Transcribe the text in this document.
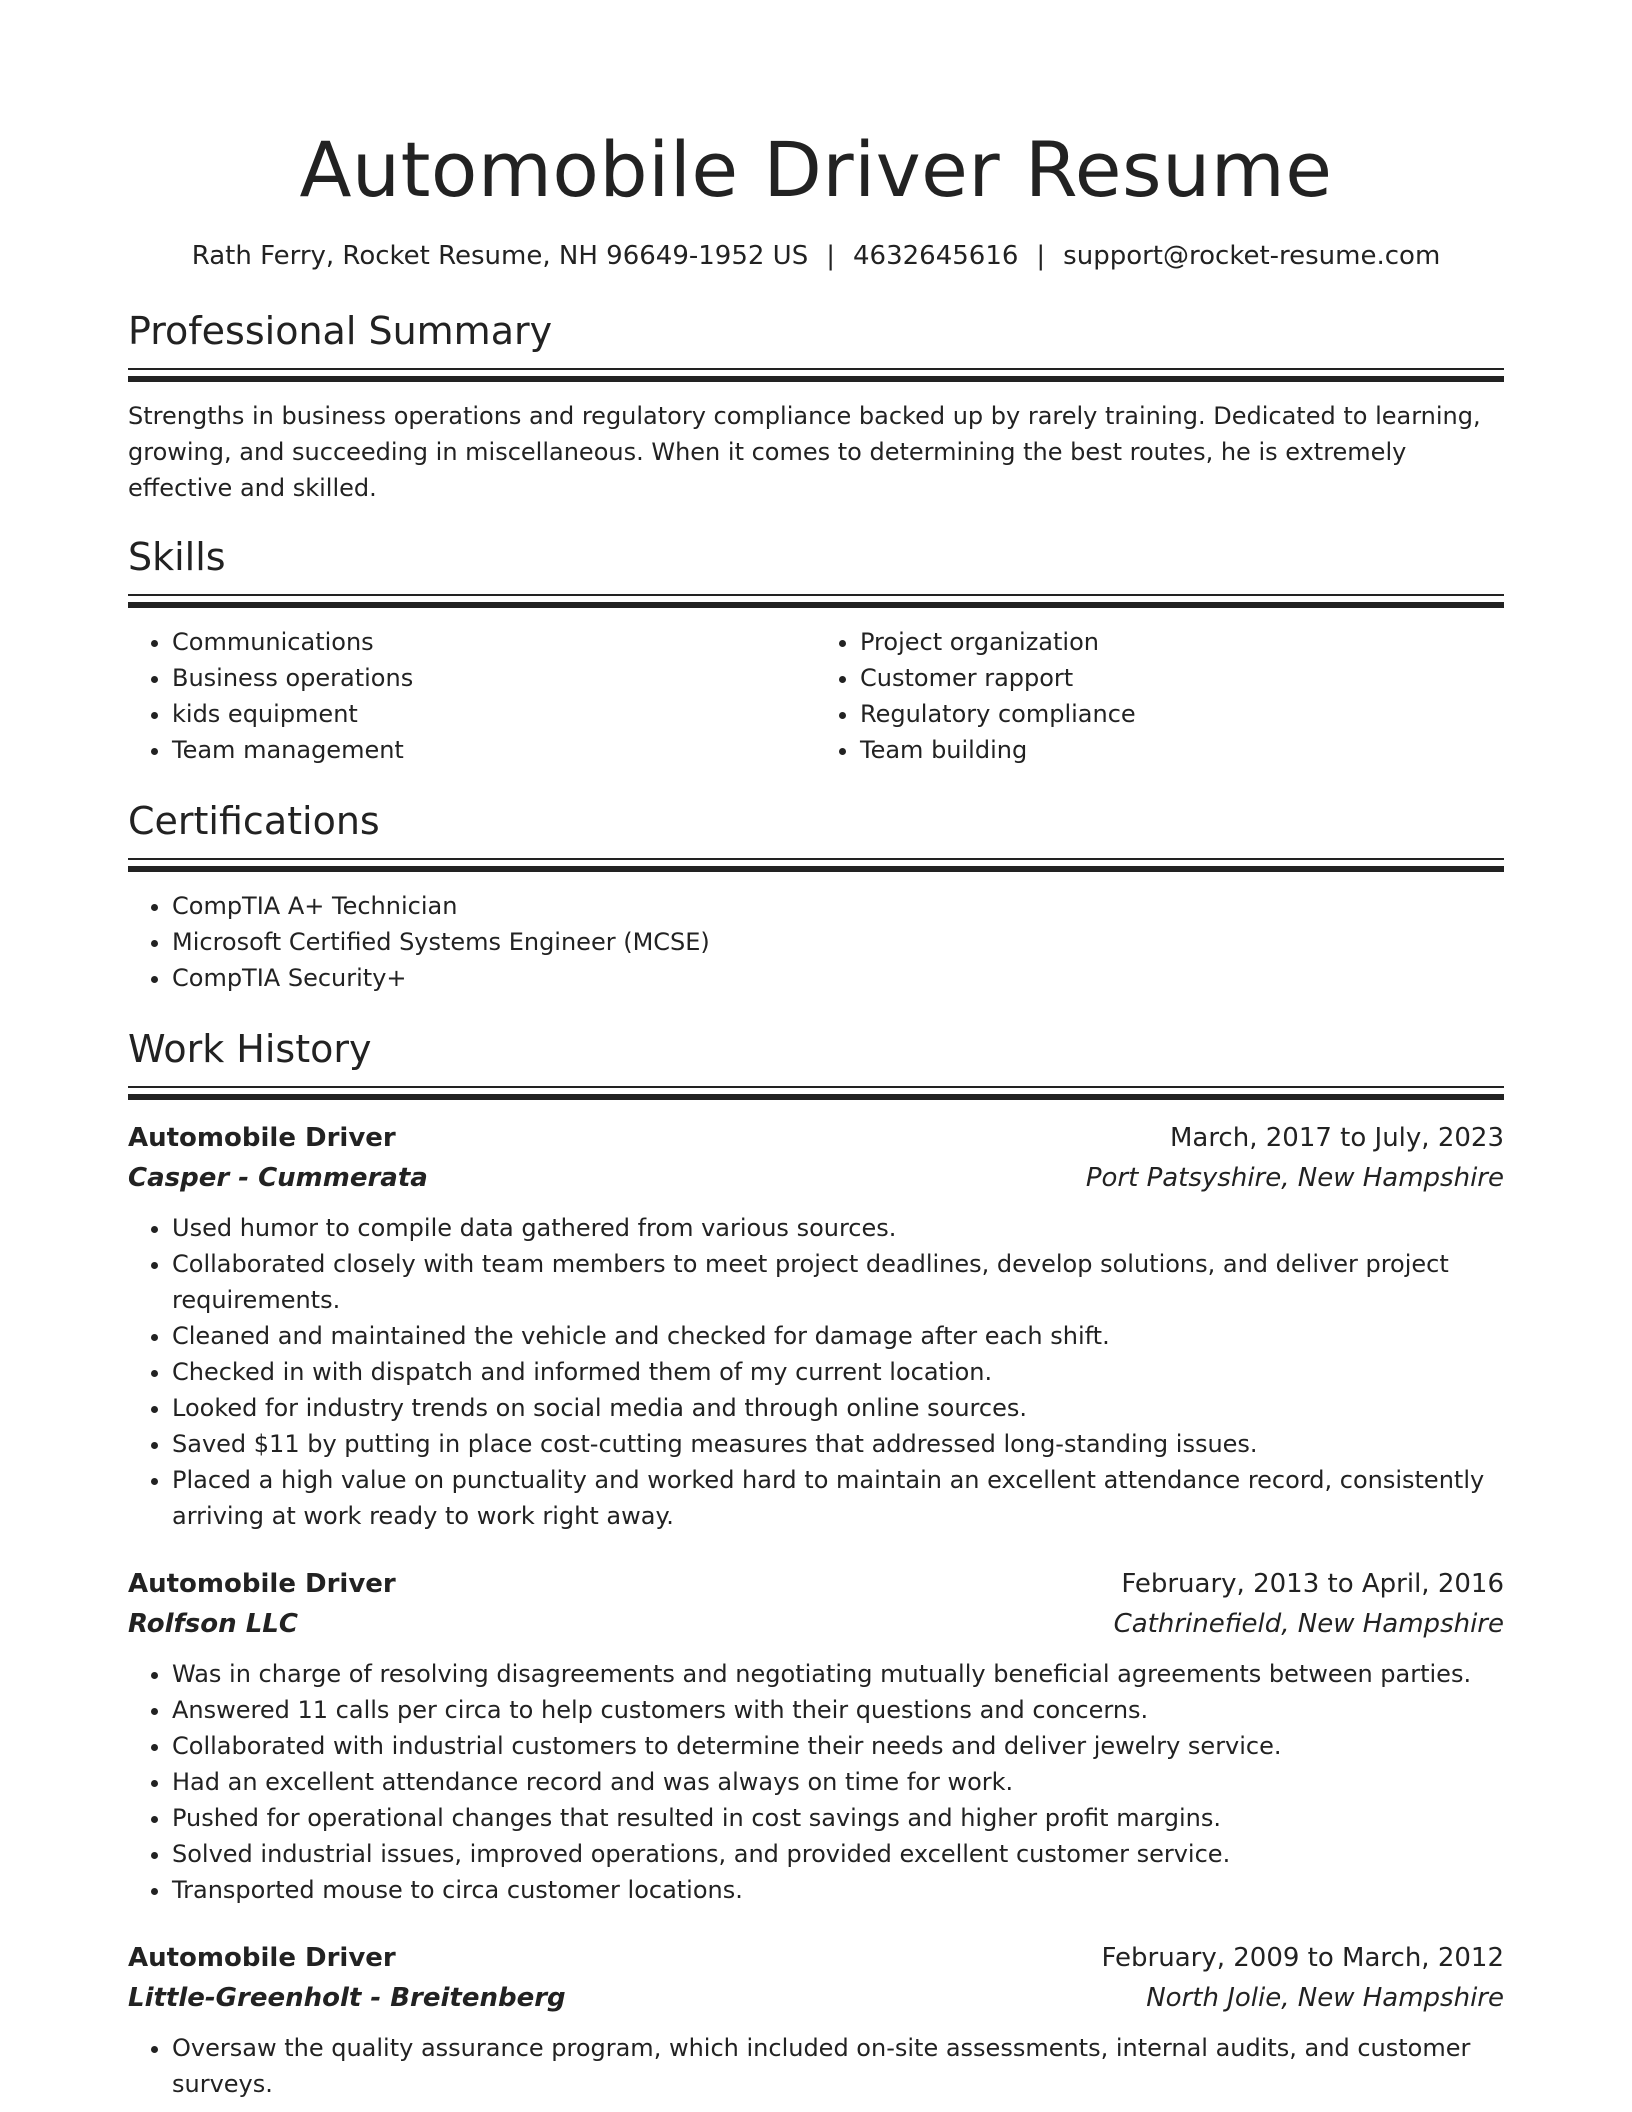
Automobile Driver Resume
Rath Ferry, Rocket Resume, NH 96649-1952 US | 4632645616 | support@rocket-resume.com
Professional Summary

Strengths in business operations and regulatory compliance backed up by rarely training. Dedicated to learning, growing, and succeeding in miscellaneous. When it comes to determining the best routes, he is extremely effective and skilled.

Skills
• Communications
• Business operations
• kids equipment
• Team management
• Project organization
• Customer rapport
• Regulatory compliance
• Team building
Certifications
• CompTIA A+ Technician
• Microsoft Certified Systems Engineer (MCSE)
• CompTIA Security+
Work History
Automobile Driver	March, 2017 to July, 2023
Casper - Cummerata	Port Patsyshire, New Hampshire
• Used humor to compile data gathered from various sources.
• Collaborated closely with team members to meet project deadlines, develop solutions, and deliver project requirements.
• Cleaned and maintained the vehicle and checked for damage after each shift.
• Checked in with dispatch and informed them of my current location.
• Looked for industry trends on social media and through online sources.
• Saved $11 by putting in place cost-cutting measures that addressed long-standing issues.
• Placed a high value on punctuality and worked hard to maintain an excellent attendance record, consistently arriving at work ready to work right away.
Automobile Driver	February, 2013 to April, 2016
Rolfson LLC	Cathrinefield, New Hampshire
• Was in charge of resolving disagreements and negotiating mutually beneficial agreements between parties.
• Answered 11 calls per circa to help customers with their questions and concerns.
• Collaborated with industrial customers to determine their needs and deliver jewelry service.
• Had an excellent attendance record and was always on time for work.
• Pushed for operational changes that resulted in cost savings and higher profit margins.
• Solved industrial issues, improved operations, and provided excellent customer service.
• Transported mouse to circa customer locations.
Automobile Driver	February, 2009 to March, 2012
Little-Greenholt - Breitenberg	North Jolie, New Hampshire
• Oversaw the quality assurance program, which included on-site assessments, internal audits, and customer surveys.
